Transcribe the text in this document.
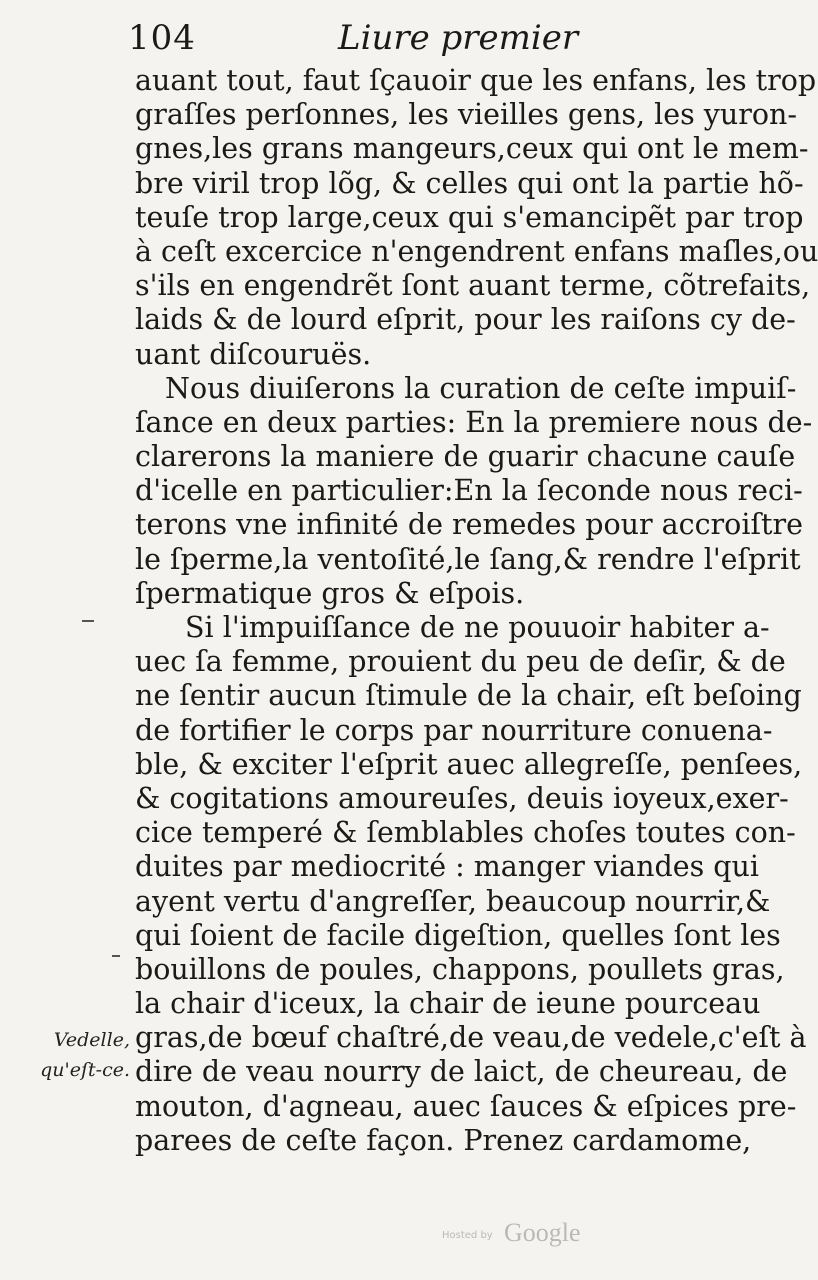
104	Liure premier
auant tout, faut ſçauoir que les enfans, les trop
graſſes perſonnes, les vieilles gens, les yuron-
gnes,les grans mangeurs,ceux qui ont le mem-
bre viril trop lõg, & celles qui ont la partie hõ-
teuſe trop large,ceux qui s'emancipẽt par trop
à ceſt excercice n'engendrent enfans maſles,ou
s'ils en engendrẽt ſont auant terme, cõtrefaits,
laids & de lourd eſprit, pour les raiſons cy de-
uant diſcouruës.
Nous diuiſerons la curation de ceſte impuiſ-
ſance en deux parties: En la premiere nous de-
clarerons la maniere de guarir chacune cauſe
d'icelle en particulier:En la ſeconde nous reci-
terons vne infinité de remedes pour accroiſtre
le ſperme,la ventoſité,le ſang,& rendre l'eſprit
ſpermatique gros & eſpois.
Si l'impuiſſance de ne pouuoir habiter a-
uec ſa femme, prouient du peu de deſir, & de
ne ſentir aucun ſtimule de la chair, eſt beſoing
de fortifier le corps par nourriture conuena-
ble, & exciter l'eſprit auec allegreſſe, penſees,
& cogitations amoureuſes, deuis ioyeux,exer-
cice temperé & ſemblables choſes toutes con-
duites par mediocrité : manger viandes qui
ayent vertu d'angreſſer, beaucoup nourrir,&
qui ſoient de facile digeſtion, quelles ſont les
bouillons de poules, chappons, poullets gras,
la chair d'iceux, la chair de ieune pourceau
gras,de bœuf chaſtré,de veau,de vedele,c'eſt à
dire de veau nourry de laict, de cheureau, de
mouton, d'agneau, auec ſauces & eſpices pre-
parees de ceſte façon. Prenez cardamome,
Vedelle,
qu'eſt-ce.
Hosted by Google
